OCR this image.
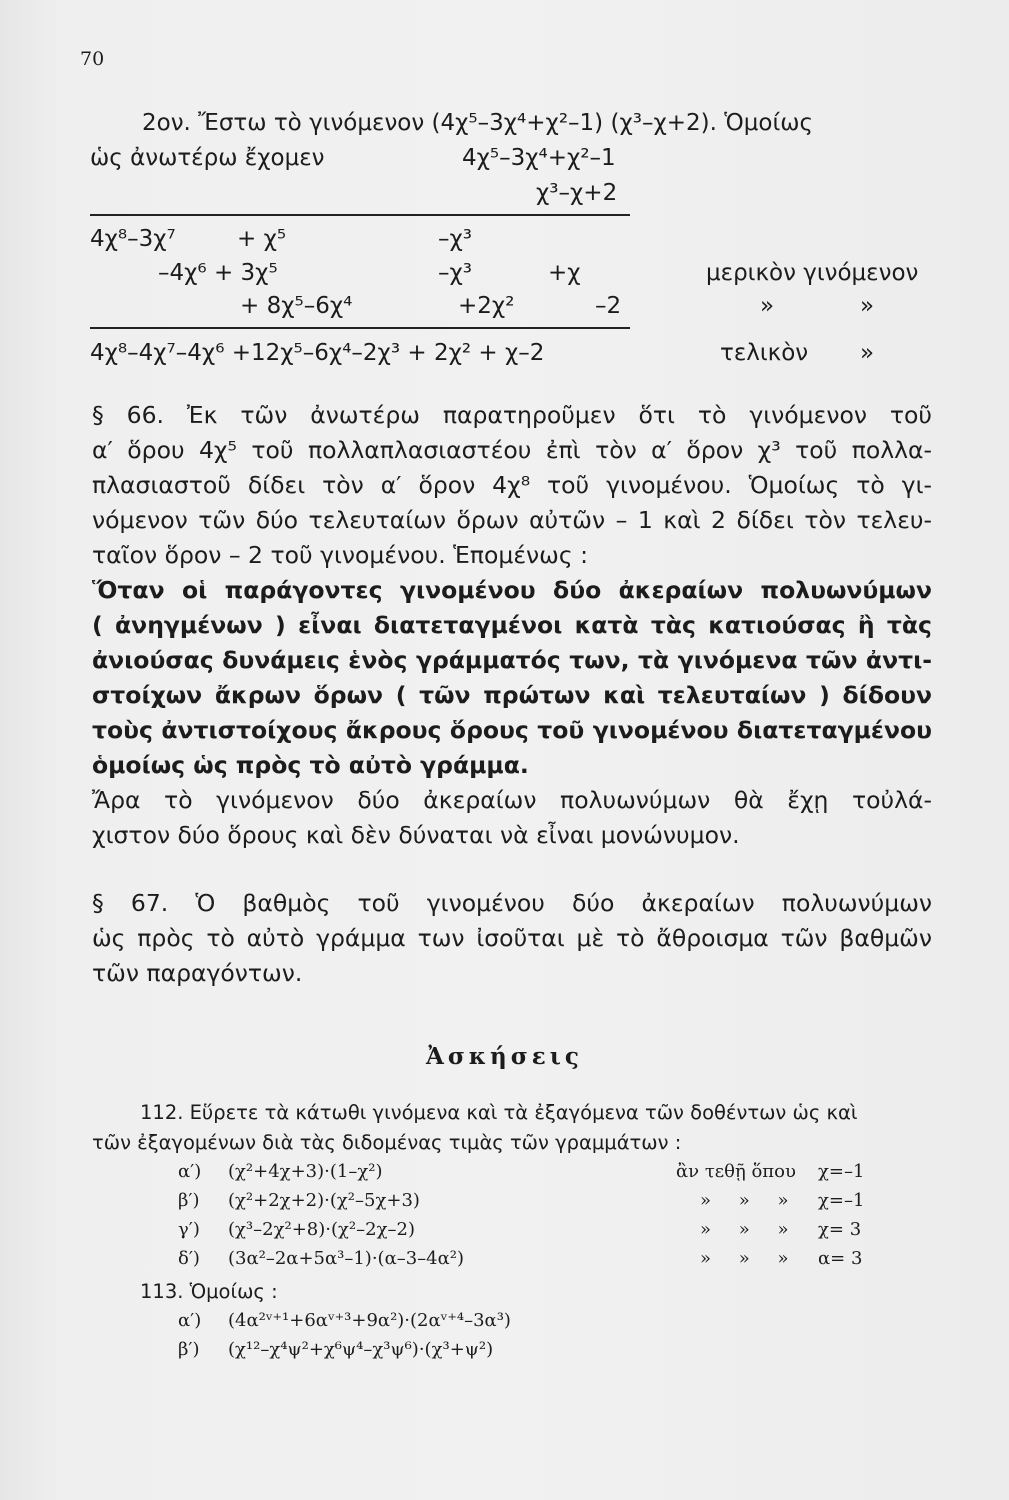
70
2ον. Ἔστω τὸ γινόμενον (4χ⁵–3χ⁴+χ²–1) (χ³–χ+2). Ὁμοίως
ὡς ἀνωτέρω ἔχομεν	4χ⁵–3χ⁴+χ²–1
χ³–χ+2
4χ⁸–3χ⁷	+ χ⁵	–χ³
–4χ⁶ + 3χ⁵	–χ³	+χ	μερικὸν γινόμενον
+ 8χ⁵–6χ⁴	+2χ²	–2	»	»
4χ⁸–4χ⁷–4χ⁶ +12χ⁵–6χ⁴–2χ³ + 2χ² + χ–2	τελικὸν »
§ 66. Ἐκ τῶν ἀνωτέρω παρατηροῦμεν ὅτι τὸ γινόμενον τοῦ
α′ ὅρου 4χ⁵ τοῦ πολλαπλασιαστέου ἐπὶ τὸν α′ ὅρον χ³ τοῦ πολλα-
πλασιαστοῦ δίδει τὸν α′ ὅρον 4χ⁸ τοῦ γινομένου. Ὁμοίως τὸ γι-
νόμενον τῶν δύο τελευταίων ὅρων αὐτῶν – 1 καὶ 2 δίδει τὸν τελευ-
ταῖον ὅρον – 2 τοῦ γινομένου. Ἑπομένως :
Ὅταν οἱ παράγοντες γινομένου δύο ἀκεραίων πολυωνύμων
( ἀνηγμένων ) εἶναι διατεταγμένοι κατὰ τὰς κατιούσας ἢ τὰς
ἀνιούσας δυνάμεις ἑνὸς γράμματός των, τὰ γινόμενα τῶν ἀντι-
στοίχων ἄκρων ὅρων ( τῶν πρώτων καὶ τελευταίων ) δίδουν
τοὺς ἀντιστοίχους ἄκρους ὅρους τοῦ γινομένου διατεταγμένου
ὁμοίως ὡς πρὸς τὸ αὐτὸ γράμμα.
Ἄρα τὸ γινόμενον δύο ἀκεραίων πολυωνύμων θὰ ἔχῃ τοὐλά-
χιστον δύο ὅρους καὶ δὲν δύναται νὰ εἶναι μονώνυμον.
§ 67. Ὁ βαθμὸς τοῦ γινομένου δύο ἀκεραίων πολυωνύμων
ὡς πρὸς τὸ αὐτὸ γράμμα των ἰσοῦται μὲ τὸ ἄθροισμα τῶν βαθμῶν
τῶν παραγόντων.
Ἀσκήσεις
112. Εὕρετε τὰ κάτωθι γινόμενα καὶ τὰ ἐξαγόμενα τῶν δοθέντων ὡς καὶ
τῶν ἐξαγομένων διὰ τὰς διδομένας τιμὰς τῶν γραμμάτων :
α′) (χ²+4χ+3)·(1–χ²)	ἂν τεθῇ ὅπου χ=–1
β′) (χ²+2χ+2)·(χ²–5χ+3)	» » » χ=–1
γ′) (χ³–2χ²+8)·(χ²–2χ–2)	» » » χ= 3
δ′) (3α²–2α+5α³–1)·(α–3–4α²)	» » » α= 3
113. Ὁμοίως :
α′) (4α²ᵛ⁺¹+6αᵛ⁺³+9α²)·(2αᵛ⁺⁴–3α³)
β′) (χ¹²–χ⁴ψ²+χ⁶ψ⁴–χ³ψ⁶)·(χ³+ψ²)
